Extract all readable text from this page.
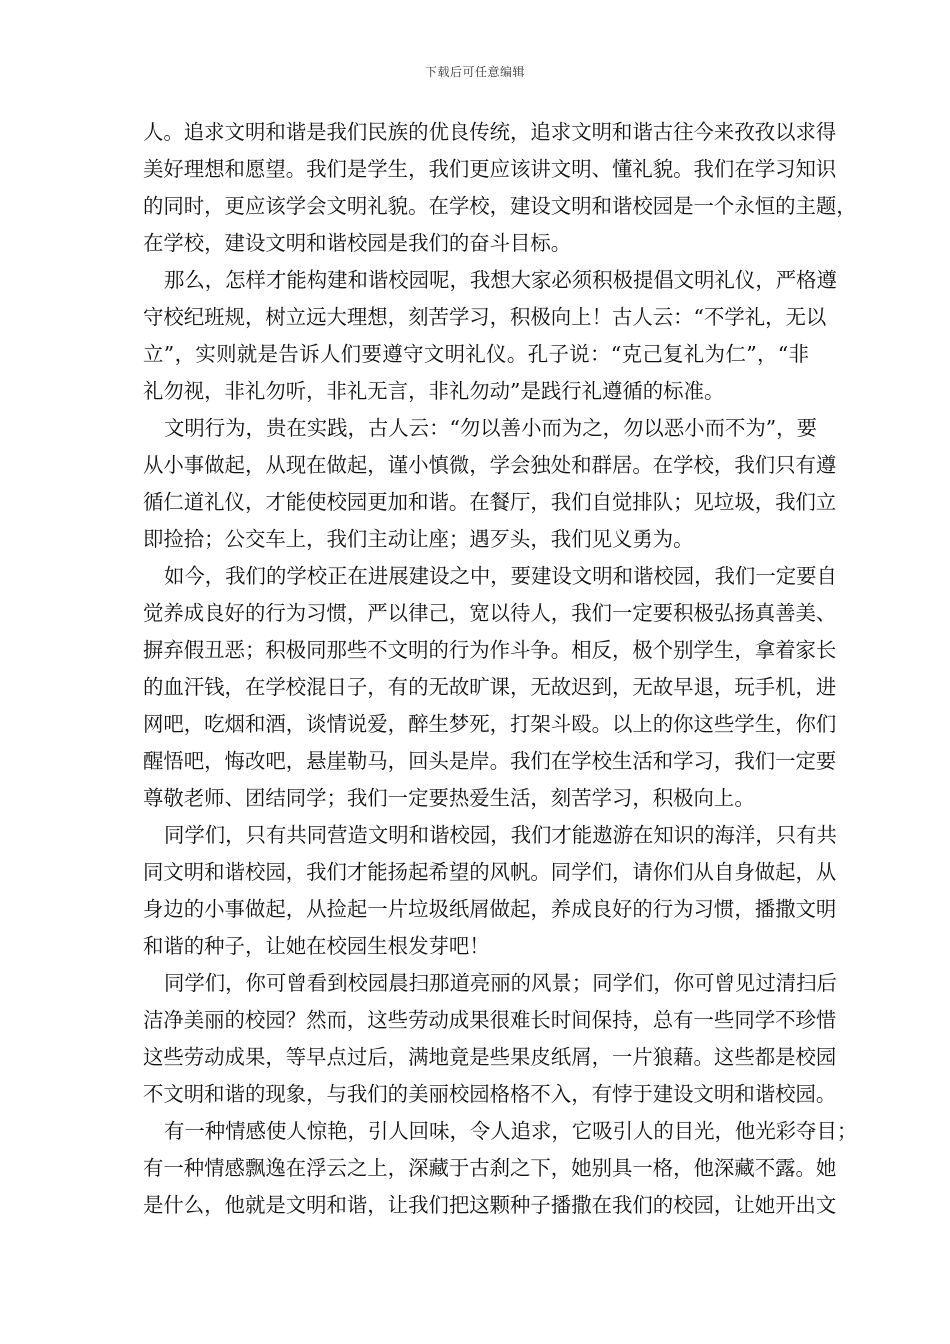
下载后可任意编辑
人。追求文明和谐是我们民族的优良传统，追求文明和谐古往今来孜孜以求得
美好理想和愿望。我们是学生，我们更应该讲文明、懂礼貌。我们在学习知识
的同时，更应该学会文明礼貌。在学校，建设文明和谐校园是一个永恒的主题，
在学校，建设文明和谐校园是我们的奋斗目标。
那么，怎样才能构建和谐校园呢，我想大家必须积极提倡文明礼仪，严格遵
守校纪班规，树立远大理想，刻苦学习，积极向上！古人云：“不学礼，无以
立”，实则就是告诉人们要遵守文明礼仪。孔子说：“克己复礼为仁”，“非
礼勿视，非礼勿听，非礼无言，非礼勿动”是践行礼遵循的标准。
文明行为，贵在实践，古人云：“勿以善小而为之，勿以恶小而不为”，要
从小事做起，从现在做起，谨小慎微，学会独处和群居。在学校，我们只有遵
循仁道礼仪，才能使校园更加和谐。在餐厅，我们自觉排队；见垃圾，我们立
即捡拾；公交车上，我们主动让座；遇歹头，我们见义勇为。
如今，我们的学校正在进展建设之中，要建设文明和谐校园，我们一定要自
觉养成良好的行为习惯，严以律己，宽以待人，我们一定要积极弘扬真善美、
摒弃假丑恶；积极同那些不文明的行为作斗争。相反，极个别学生，拿着家长
的血汗钱，在学校混日子，有的无故旷课，无故迟到，无故早退，玩手机，进
网吧，吃烟和酒，谈情说爱，醉生梦死，打架斗殴。以上的你这些学生，你们
醒悟吧，悔改吧，悬崖勒马，回头是岸。我们在学校生活和学习，我们一定要
尊敬老师、团结同学；我们一定要热爱生活，刻苦学习，积极向上。
同学们，只有共同营造文明和谐校园，我们才能遨游在知识的海洋，只有共
同文明和谐校园，我们才能扬起希望的风帆。同学们，请你们从自身做起，从
身边的小事做起，从捡起一片垃圾纸屑做起，养成良好的行为习惯，播撒文明
和谐的种子，让她在校园生根发芽吧！
同学们，你可曾看到校园晨扫那道亮丽的风景；同学们，你可曾见过清扫后
洁净美丽的校园？然而，这些劳动成果很难长时间保持，总有一些同学不珍惜
这些劳动成果，等早点过后，满地竟是些果皮纸屑，一片狼藉。这些都是校园
不文明和谐的现象，与我们的美丽校园格格不入，有悖于建设文明和谐校园。
有一种情感使人惊艳，引人回味，令人追求，它吸引人的目光，他光彩夺目；
有一种情感飘逸在浮云之上，深藏于古刹之下，她别具一格，他深藏不露。她
是什么，他就是文明和谐，让我们把这颗种子播撒在我们的校园，让她开出文
